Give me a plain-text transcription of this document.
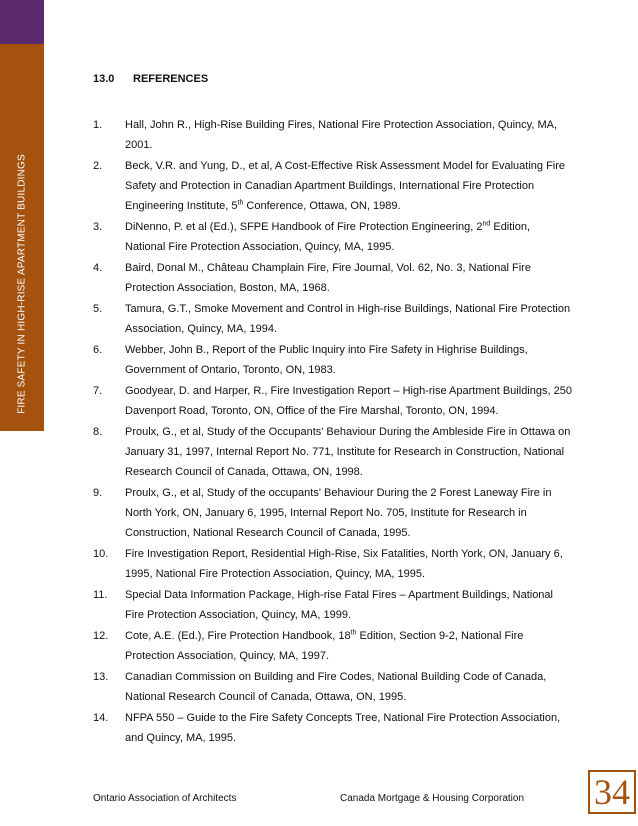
FIRE SAFETY IN HIGH-RISE APARTMENT BUILDINGS
13.0	REFERENCES
1.	Hall, John R., High-Rise Building Fires, National Fire Protection Association, Quincy, MA, 2001.
2.	Beck, V.R. and Yung, D., et al, A Cost-Effective Risk Assessment Model for Evaluating Fire Safety and Protection in Canadian Apartment Buildings, International Fire Protection Engineering Institute, 5th Conference, Ottawa, ON, 1989.
3.	DiNenno, P. et al (Ed.), SFPE Handbook of Fire Protection Engineering, 2nd Edition, National Fire Protection Association, Quincy, MA, 1995.
4.	Baird, Donal M., Château Champlain Fire, Fire Journal, Vol. 62, No. 3, National Fire Protection Association, Boston, MA, 1968.
5.	Tamura, G.T., Smoke Movement and Control in High-rise Buildings, National Fire Protection Association, Quincy, MA, 1994.
6.	Webber, John B., Report of the Public Inquiry into Fire Safety in Highrise Buildings, Government of Ontario, Toronto, ON, 1983.
7.	Goodyear, D. and Harper, R., Fire Investigation Report – High-rise Apartment Buildings, 250 Davenport Road, Toronto, ON, Office of the Fire Marshal, Toronto, ON, 1994.
8.	Proulx, G., et al, Study of the Occupants' Behaviour During the Ambleside Fire in Ottawa on January 31, 1997, Internal Report No. 771, Institute for Research in Construction, National Research Council of Canada, Ottawa, ON, 1998.
9.	Proulx, G., et al, Study of the occupants' Behaviour During the 2 Forest Laneway Fire in North York, ON, January 6, 1995, Internal Report No. 705, Institute for Research in Construction, National Research Council of Canada, 1995.
10.	Fire Investigation Report, Residential High-Rise, Six Fatalities, North York, ON, January 6, 1995, National Fire Protection Association, Quincy, MA, 1995.
11.	Special Data Information Package, High-rise Fatal Fires – Apartment Buildings, National Fire Protection Association, Quincy, MA, 1999.
12.	Cote, A.E. (Ed.), Fire Protection Handbook, 18th Edition, Section 9-2, National Fire Protection Association, Quincy, MA, 1997.
13.	Canadian Commission on Building and Fire Codes, National Building Code of Canada, National Research Council of Canada, Ottawa, ON, 1995.
14.	NFPA 550 – Guide to the Fire Safety Concepts Tree, National Fire Protection Association, and Quincy, MA, 1995.
Ontario Association of Architects	Canada Mortgage & Housing Corporation 34
